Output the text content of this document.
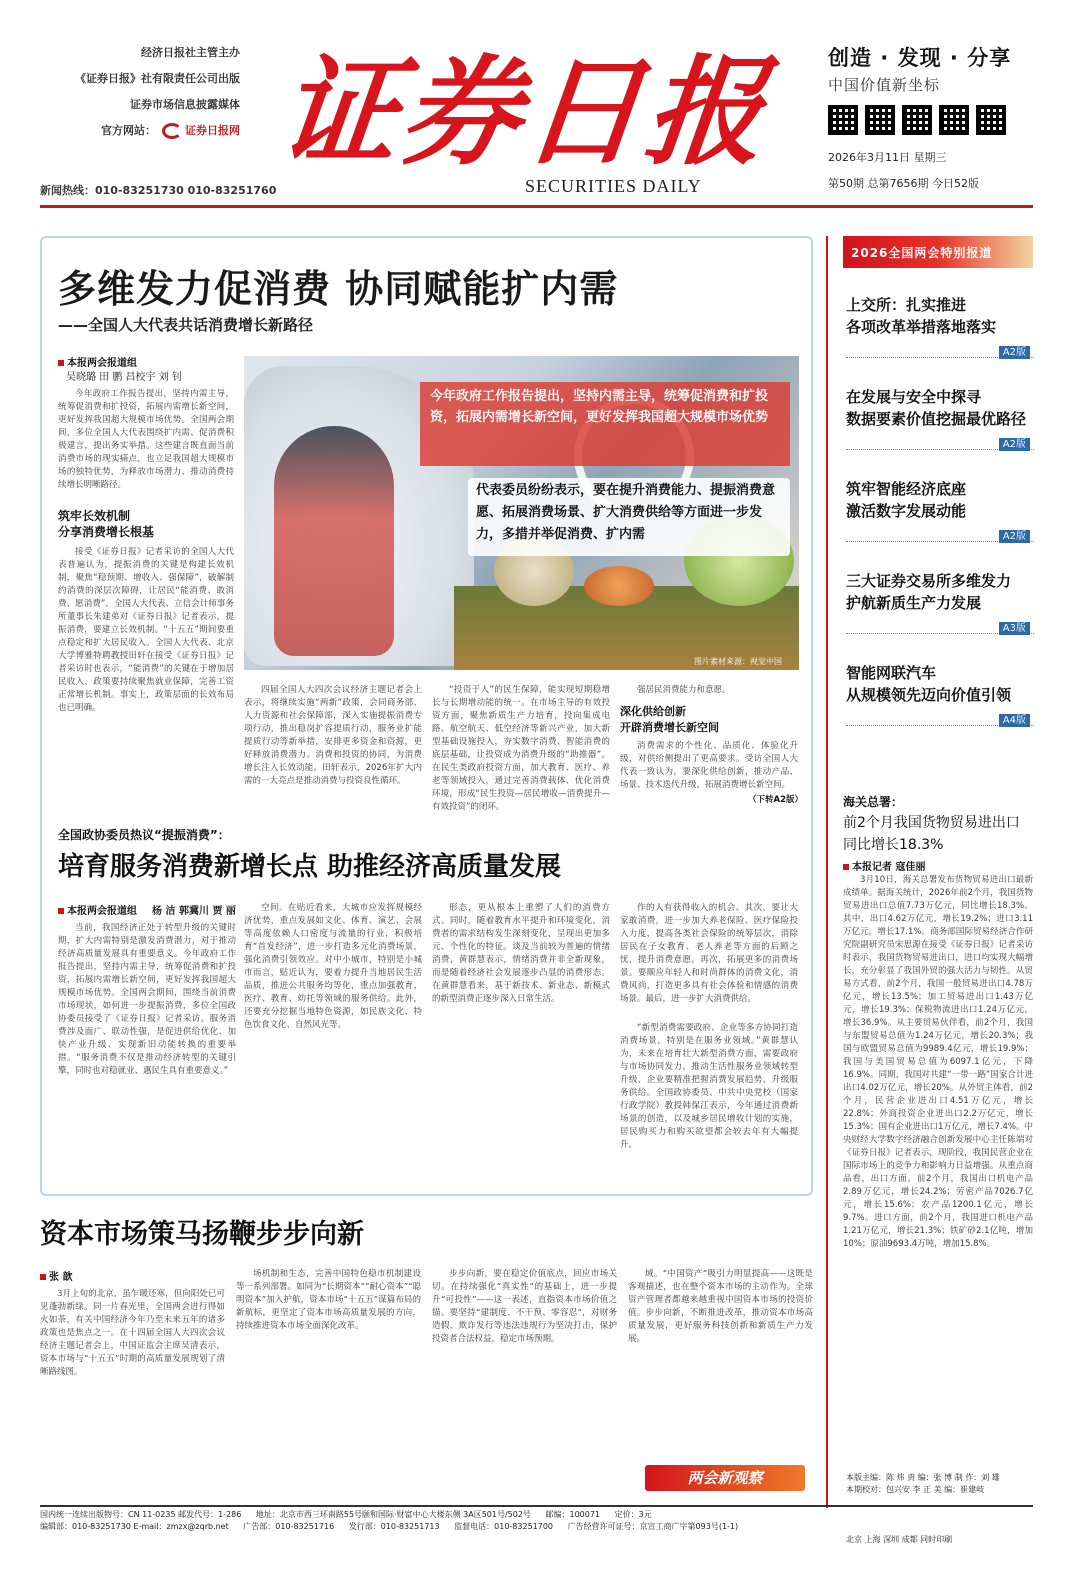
经济日报社主管主办
《证券日报》社有限责任公司出版
证券市场信息披露媒体
官方网站：	证券日报网
新闻热线：010-83251730 010-83251760
证券日报
SECURITIES DAILY
创造 · 发现 · 分享
中国价值新坐标
2026年3月11日 星期三
第50期 总第7656期 今日52版
多维发力促消费 协同赋能扩内需
——全国人大代表共话消费增长新路径
本报两会报道组
吴晓璐 田 鹏 昌校宇 刘 钊

今年政府工作报告提出，坚持内需主导，统筹促消费和扩投资，拓展内需增长新空间，更好发挥我国超大规模市场优势。全国两会期间，多位全国人大代表围绕扩内需、促消费积极建言，提出务实举措。这些建言既直面当前消费市场的现实痛点，也立足我国超大规模市场的独特优势，为释放市场潜力、推动消费持续增长明晰路径。

筑牢长效机制
分享消费增长根基

接受《证券日报》记者采访的全国人大代表普遍认为，提振消费的关键是构建长效机制，聚焦“稳预期、增收入、强保障”，破解制约消费的深层次障碍，让居民“能消费、敢消费、愿消费”。全国人大代表、立信会计师事务所董事长朱建弟对《证券日报》记者表示，提振消费，要建立长效机制。“十五五”期间要重点稳定和扩大居民收入。全国人大代表、北京大学博雅特聘教授田轩在接受《证券日报》记者采访时也表示，“能消费”的关键在于增加居民收入，政策要持续聚焦就业保障，完善工资正常增长机制。事实上，政策层面的长效布局也已明确。

今年政府工作报告提出，坚持内需主导，统筹促消费和扩投资，拓展内需增长新空间，更好发挥我国超大规模市场优势
代表委员纷纷表示，要在提升消费能力、提振消费意愿、拓展消费场景、扩大消费供给等方面进一步发力，多措并举促消费、扩内需
图片素材来源：视觉中国

四届全国人大四次会议经济主题记者会上表示，将继续实施“两新”政策，会同商务部、人力资源和社会保障部，深入实施提振消费专项行动，推出稳岗扩容提质行动，服务业扩能提质行动等新举措，安排更多资金和资源，更好释放消费潜力。消费和投资的协同，为消费增长注入长效动能。田轩表示，2026年扩大内需的一大亮点是推动消费与投资良性循环。

“投资于人”的民生保障，能实现短期稳增长与长期增动能的统一。在市场主导的有效投资方面，聚焦新质生产力培育，投向集成电路、航空航天、低空经济等新兴产业，加大新型基础设施投入，夯实数字消费、智能消费的底层基础，让投资成为消费升级的“助推器”。在民生类政府投资方面，加大教育、医疗、养老等领域投入，通过完善消费载体、优化消费环境，形成“民生投资—居民增收—消费提升—有效投资”的闭环。

强居民消费能力和意愿。

深化供给创新
开辟消费增长新空间

消费需求的个性化、品质化、体验化升级，对供给侧提出了更高要求。受访全国人大代表一致认为，要深化供给创新，推动产品、场景、技术迭代升级，拓展消费增长新空间。

（下转A2版）
全国政协委员热议“提振消费”：
培育服务消费新增长点 助推经济高质量发展
本报两会报道组 杨 洁 郭冀川 贾 丽

当前，我国经济正处于转型升级的关键时期，扩大内需特别是激发消费潜力，对于推动经济高质量发展具有重要意义。今年政府工作报告提出，坚持内需主导，统筹促消费和扩投资，拓展内需增长新空间，更好发挥我国超大规模市场优势。全国两会期间，围绕当前消费市场现状，如何进一步提振消费，多位全国政协委员接受了《证券日报》记者采访。服务消费涉及面广、联动性强，是促进供给优化、加快产业升级、实现新旧动能转换的重要举措。“服务消费不仅是推动经济转型的关键引擎，同时也对稳就业、惠民生具有重要意义。”

空间。在贴近看来，大城市应发挥规模经济优势，重点发展如文化、体育、演艺、会展等高度依赖人口密度与流量的行业，积极培育“首发经济”，进一步打造多元化消费场景，强化消费引领效应。对中小城市，特别是小城市而言，贴近认为，要着力提升当地居民生活品质，推进公共服务均等化，重点加强教育、医疗、教育、幼托等领域的服务供给。此外，还要充分挖掘当地特色资源，如民族文化、特色饮食文化、自然风光等。

形态，更从根本上重塑了人们的消费方式。同时，随着教育水平提升和环境变化，消费者的需求结构发生深刻变化，呈现出更加多元、个性化的特征。谈及当前较为普遍的情绪消费，黄群慧表示，情绪消费并非全新现象，而是随着经济社会发展逐步凸显的消费形态。在黄群慧看来，基于新技术、新业态、新模式的新型消费正逐步深入日常生活。

作的人有获得收入的机会。其次，要让大家敢消费，进一步加大养老保险、医疗保险投入力度，提高各类社会保险的统筹层次，消除居民在子女教育、老人养老等方面的后顾之忧，提升消费意愿。再次，拓展更多的消费场景。要顺应年轻人和时尚群体的消费文化，消费风尚，打造更多具有社会体验和情感的消费场景。最后，进一步扩大消费供给。

“新型消费需要政府、企业等多方协同打造消费场景，特别是在服务业领域。”黄群慧认为，未来在培育壮大新型消费方面，需要政府与市场协同发力，推动生活性服务业领域转型升级，企业要精准把握消费发展趋势，升级服务供给。全国政协委员、中共中央党校（国家行政学院）教授韩保江表示，今年通过消费新场景的创造，以及城乡居民增收计划的实施，居民购买力和购买欲望都会较去年有大幅提升。

资本市场策马扬鞭步步向新
张 歆

3月上旬的北京，虽乍暖还寒，但向阳处已可见蓬勃新绿。同一片春光里，全国两会进行得如火如荼，有关中国经济今年乃至未来五年的诸多政策也是焦点之一。在十四届全国人大四次会议经济主题记者会上，中国证监会主席吴清表示，资本市场与“十五五”时期的高质量发展规划了清晰路线图。

场机制和生态，完善中国特色稳市机制建设等一系列部署。如同为“长期资本”“耐心资本”“聪明资本”加入护航，资本市场“十五五”谋篇布局的新航标，更坚定了资本市场高质量发展的方向，持续推进资本市场全面深化改革。

步步向新，要在稳定价值底点，回应市场关切。在持续强化“真实性”的基础上，进一步提升“可投性”——这一表述，直指资本市场价值之锚。要坚持“建制度、不干预、零容忍”，对财务造假、欺诈发行等违法违规行为坚决打击，保护投资者合法权益，稳定市场预期。

域。“中国资产”吸引力明显提高——这既是客观描述，也在整个资本市场的主动作为。全球资产管理者都越来越重视中国资本市场的投资价值。步步向新，不断推进改革，推动资本市场高质量发展，更好服务科技创新和新质生产力发展。

两会新观察
2026全国两会特别报道
上交所：扎实推进
各项改革举措落地落实
A2版
在发展与安全中探寻
数据要素价值挖掘最优路径
A2版
筑牢智能经济底座
激活数字发展动能
A2版
三大证券交易所多维发力
护航新质生产力发展
A3版
智能网联汽车
从规模领先迈向价值引领
A4版
海关总署：
前2个月我国货物贸易进出口
同比增长18.3%
本报记者 寇佳丽

3月10日，海关总署发布货物贸易进出口最新成绩单。据海关统计，2026年前2个月，我国货物贸易进出口总值7.73万亿元，同比增长18.3%。其中，出口4.62万亿元，增长19.2%；进口3.11万亿元，增长17.1%。商务部国际贸易经济合作研究院副研究员宋思源在接受《证券日报》记者采访时表示，我国货物贸易进出口，进口均实现大幅增长，充分彰显了我国外贸的强大活力与韧性。从贸易方式看，前2个月，我国一般贸易进出口4.78万亿元，增长13.5%；加工贸易进出口1.43万亿元，增长19.3%；保税物流进出口1.24万亿元，增长36.9%。从主要贸易伙伴看，前2个月，我国与东盟贸易总值为1.24万亿元，增长20.3%；我国与欧盟贸易总值为9989.4亿元，增长19.9%；我国与美国贸易总值为6097.1亿元，下降16.9%。同期，我国对共建“一带一路”国家合计进出口4.02万亿元，增长20%。从外贸主体看，前2个月，民营企业进出口4.51万亿元，增长22.8%；外商投资企业进出口2.2万亿元，增长15.3%；国有企业进出口1万亿元，增长7.4%。中央财经大学数字经济融合创新发展中心主任陈端对《证券日报》记者表示，现阶段，我国民营企业在国际市场上的竞争力和影响力日益增强。从重点商品看，出口方面，前2个月，我国出口机电产品2.89万亿元，增长24.2%；劳密产品7026.7亿元，增长15.6%；农产品1200.1亿元，增长9.7%。进口方面，前2个月，我国进口机电产品1.21万亿元，增长21.3%；铁矿砂2.1亿吨，增加10%；原油9693.4万吨，增加15.8%。

本版主编：陈 炜 责 编：张 博 制 作：刘 雄
本期校对：包兴安 李 正 美 编：崔建岐
国内统一连续出版物号：CN 11-0235 邮发代号：1-286 地址：北京市西三环南路55号颐和国际·财富中心大楼东侧 3A区501号/502号 邮编：100071 定价：3元
编辑部：010-83251730 E-mail：zmzx@zqrb.net 广告部：010-83251716 发行部：010-83251713 监督电话：010-83251700 广告经营许可证号：京宣工商广字第093号(1-1)
北京 上海 深圳 成都 同时印刷
